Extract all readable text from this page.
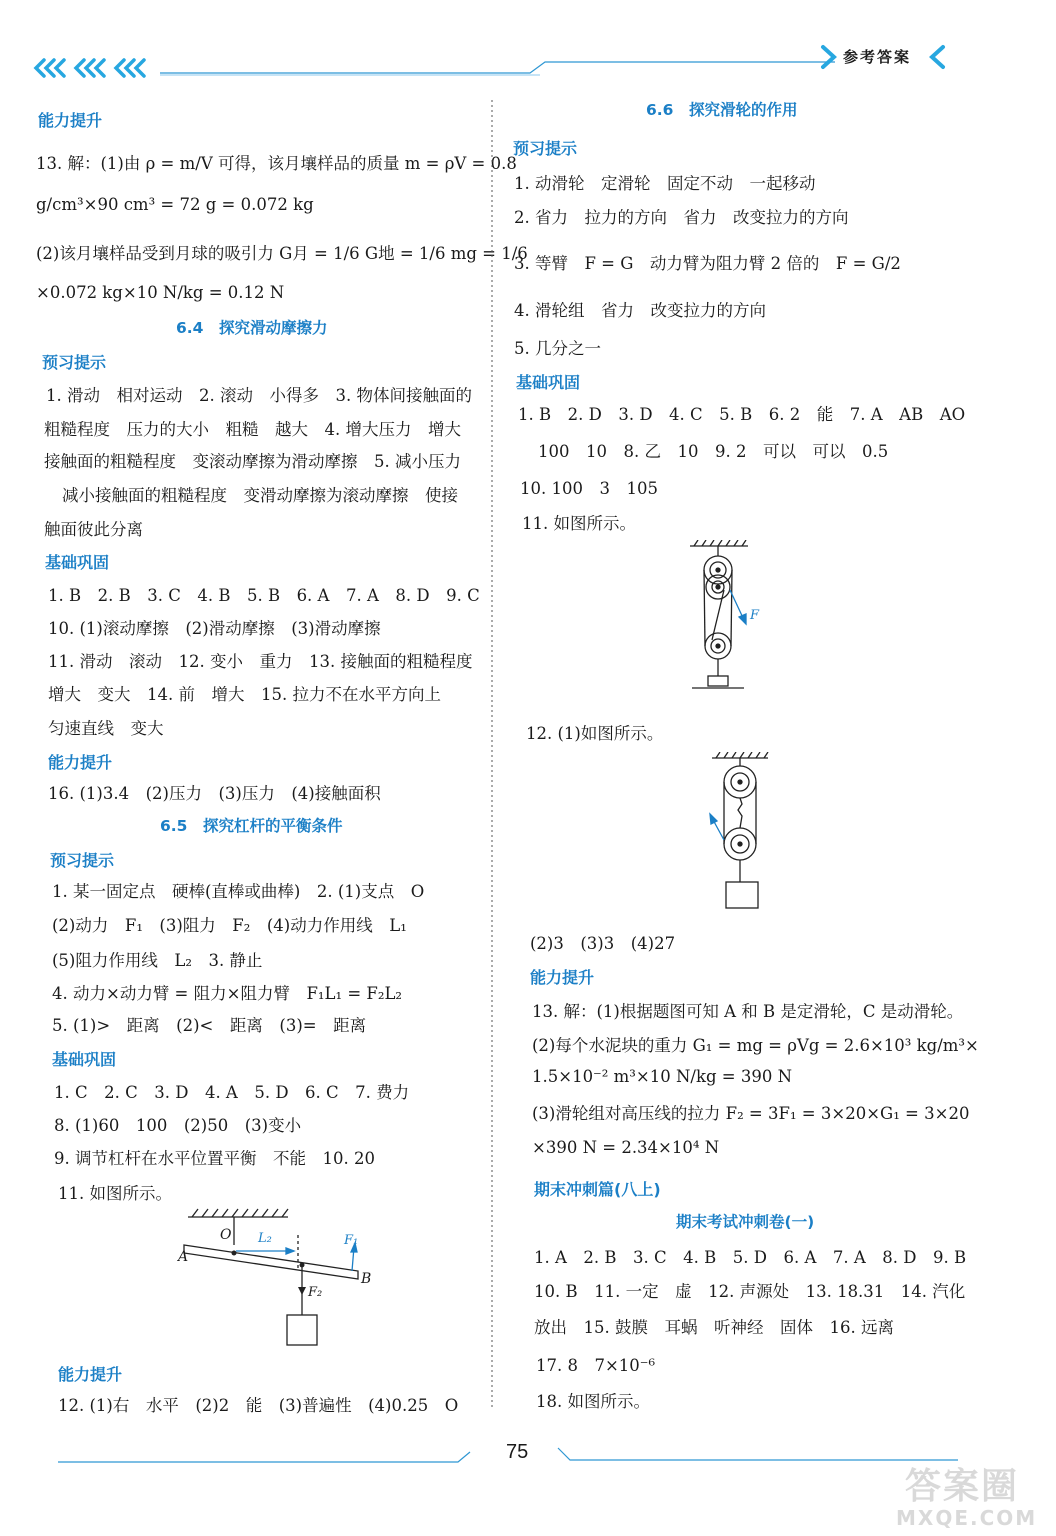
参考答案
能力提升
13. 解：(1)由 ρ = m/V 可得，该月壤样品的质量 m = ρV = 0.8
g/cm³×90 cm³ = 72 g = 0.072 kg
(2)该月壤样品受到月球的吸引力 G月 = 1/6 G地 = 1/6 mg = 1/6
×0.072 kg×10 N/kg = 0.12 N
6.4　探究滑动摩擦力
预习提示
1. 滑动　相对运动　2. 滚动　小得多　3. 物体间接触面的
粗糙程度　压力的大小　粗糙　越大　4. 增大压力　增大
接触面的粗糙程度　变滚动摩擦为滑动摩擦　5. 减小压力
减小接触面的粗糙程度　变滑动摩擦为滚动摩擦　使接
触面彼此分离
基础巩固
1. B　2. B　3. C　4. B　5. B　6. A　7. A　8. D　9. C
10. (1)滚动摩擦　(2)滑动摩擦　(3)滑动摩擦
11. 滑动　滚动　12. 变小　重力　13. 接触面的粗糙程度
增大　变大　14. 前　增大　15. 拉力不在水平方向上
匀速直线　变大
能力提升
16. (1)3.4　(2)压力　(3)压力　(4)接触面积
6.5　探究杠杆的平衡条件
预习提示
1. 某一固定点　硬棒(直棒或曲棒)　2. (1)支点　O
(2)动力　F₁　(3)阻力　F₂　(4)动力作用线　L₁
(5)阻力作用线　L₂　3. 静止
4. 动力×动力臂 = 阻力×阻力臂　F₁L₁ = F₂L₂
5. (1)>　距离　(2)<　距离　(3)=　距离
基础巩固
1. C　2. C　3. D　4. A　5. D　6. C　7. 费力
8. (1)60　100　(2)50　(3)变小
9. 调节杠杆在水平位置平衡　不能　10. 20
11. 如图所示。
O
A
B
L₂	F₁
F₂
能力提升
12. (1)右　水平　(2)2　能　(3)普遍性　(4)0.25　O
6.6　探究滑轮的作用
预习提示
1. 动滑轮　定滑轮　固定不动　一起移动
2. 省力　拉力的方向　省力　改变拉力的方向
3. 等臂　F = G　动力臂为阻力臂 2 倍的　F = G/2
4. 滑轮组　省力　改变拉力的方向
5. 几分之一
基础巩固
1. B　2. D　3. D　4. C　5. B　6. 2　能　7. A　AB　AO
100　10　8. 乙　10　9. 2　可以　可以　0.5
10. 100　3　105
11. 如图所示。
F
12. (1)如图所示。
(2)3　(3)3　(4)27
能力提升
13. 解：(1)根据题图可知 A 和 B 是定滑轮，C 是动滑轮。
(2)每个水泥块的重力 G₁ = mg = ρVg = 2.6×10³ kg/m³×
1.5×10⁻² m³×10 N/kg = 390 N
(3)滑轮组对高压线的拉力 F₂ = 3F₁ = 3×20×G₁ = 3×20
×390 N = 2.34×10⁴ N
期末冲刺篇(八上)
期末考试冲刺卷(一)
1. A　2. B　3. C　4. B　5. D　6. A　7. A　8. D　9. B
10. B　11. 一定　虚　12. 声源处　13. 18.31　14. 汽化
放出　15. 鼓膜　耳蜗　听神经　固体　16. 远离
17. 8　7×10⁻⁶
18. 如图所示。
75
答案圈
MXQE.COM
